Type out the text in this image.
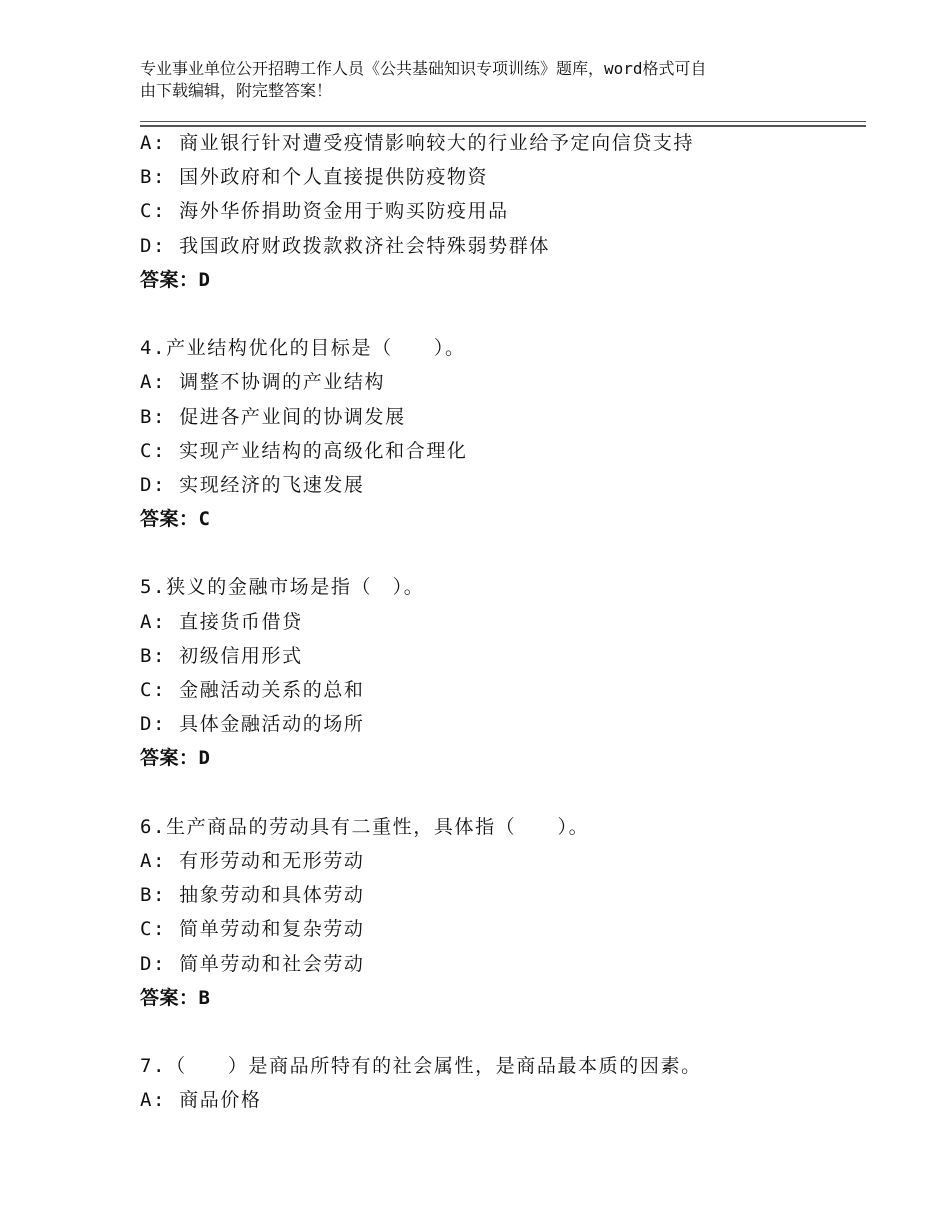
专业事业单位公开招聘工作人员《公共基础知识专项训练》题库，word格式可自
由下载编辑，附完整答案！
A: 商业银行针对遭受疫情影响较大的行业给予定向信贷支持
B: 国外政府和个人直接提供防疫物资
C: 海外华侨捐助资金用于购买防疫用品
D: 我国政府财政拨款救济社会特殊弱势群体
答案：D
4.产业结构优化的目标是（　　）。
A: 调整不协调的产业结构
B: 促进各产业间的协调发展
C: 实现产业结构的高级化和合理化
D: 实现经济的飞速发展
答案：C
5.狭义的金融市场是指（　）。
A: 直接货币借贷
B: 初级信用形式
C: 金融活动关系的总和
D: 具体金融活动的场所
答案：D
6.生产商品的劳动具有二重性，具体指（　　）。
A: 有形劳动和无形劳动
B: 抽象劳动和具体劳动
C: 简单劳动和复杂劳动
D: 简单劳动和社会劳动
答案：B
7.（　　）是商品所特有的社会属性，是商品最本质的因素。
A: 商品价格
